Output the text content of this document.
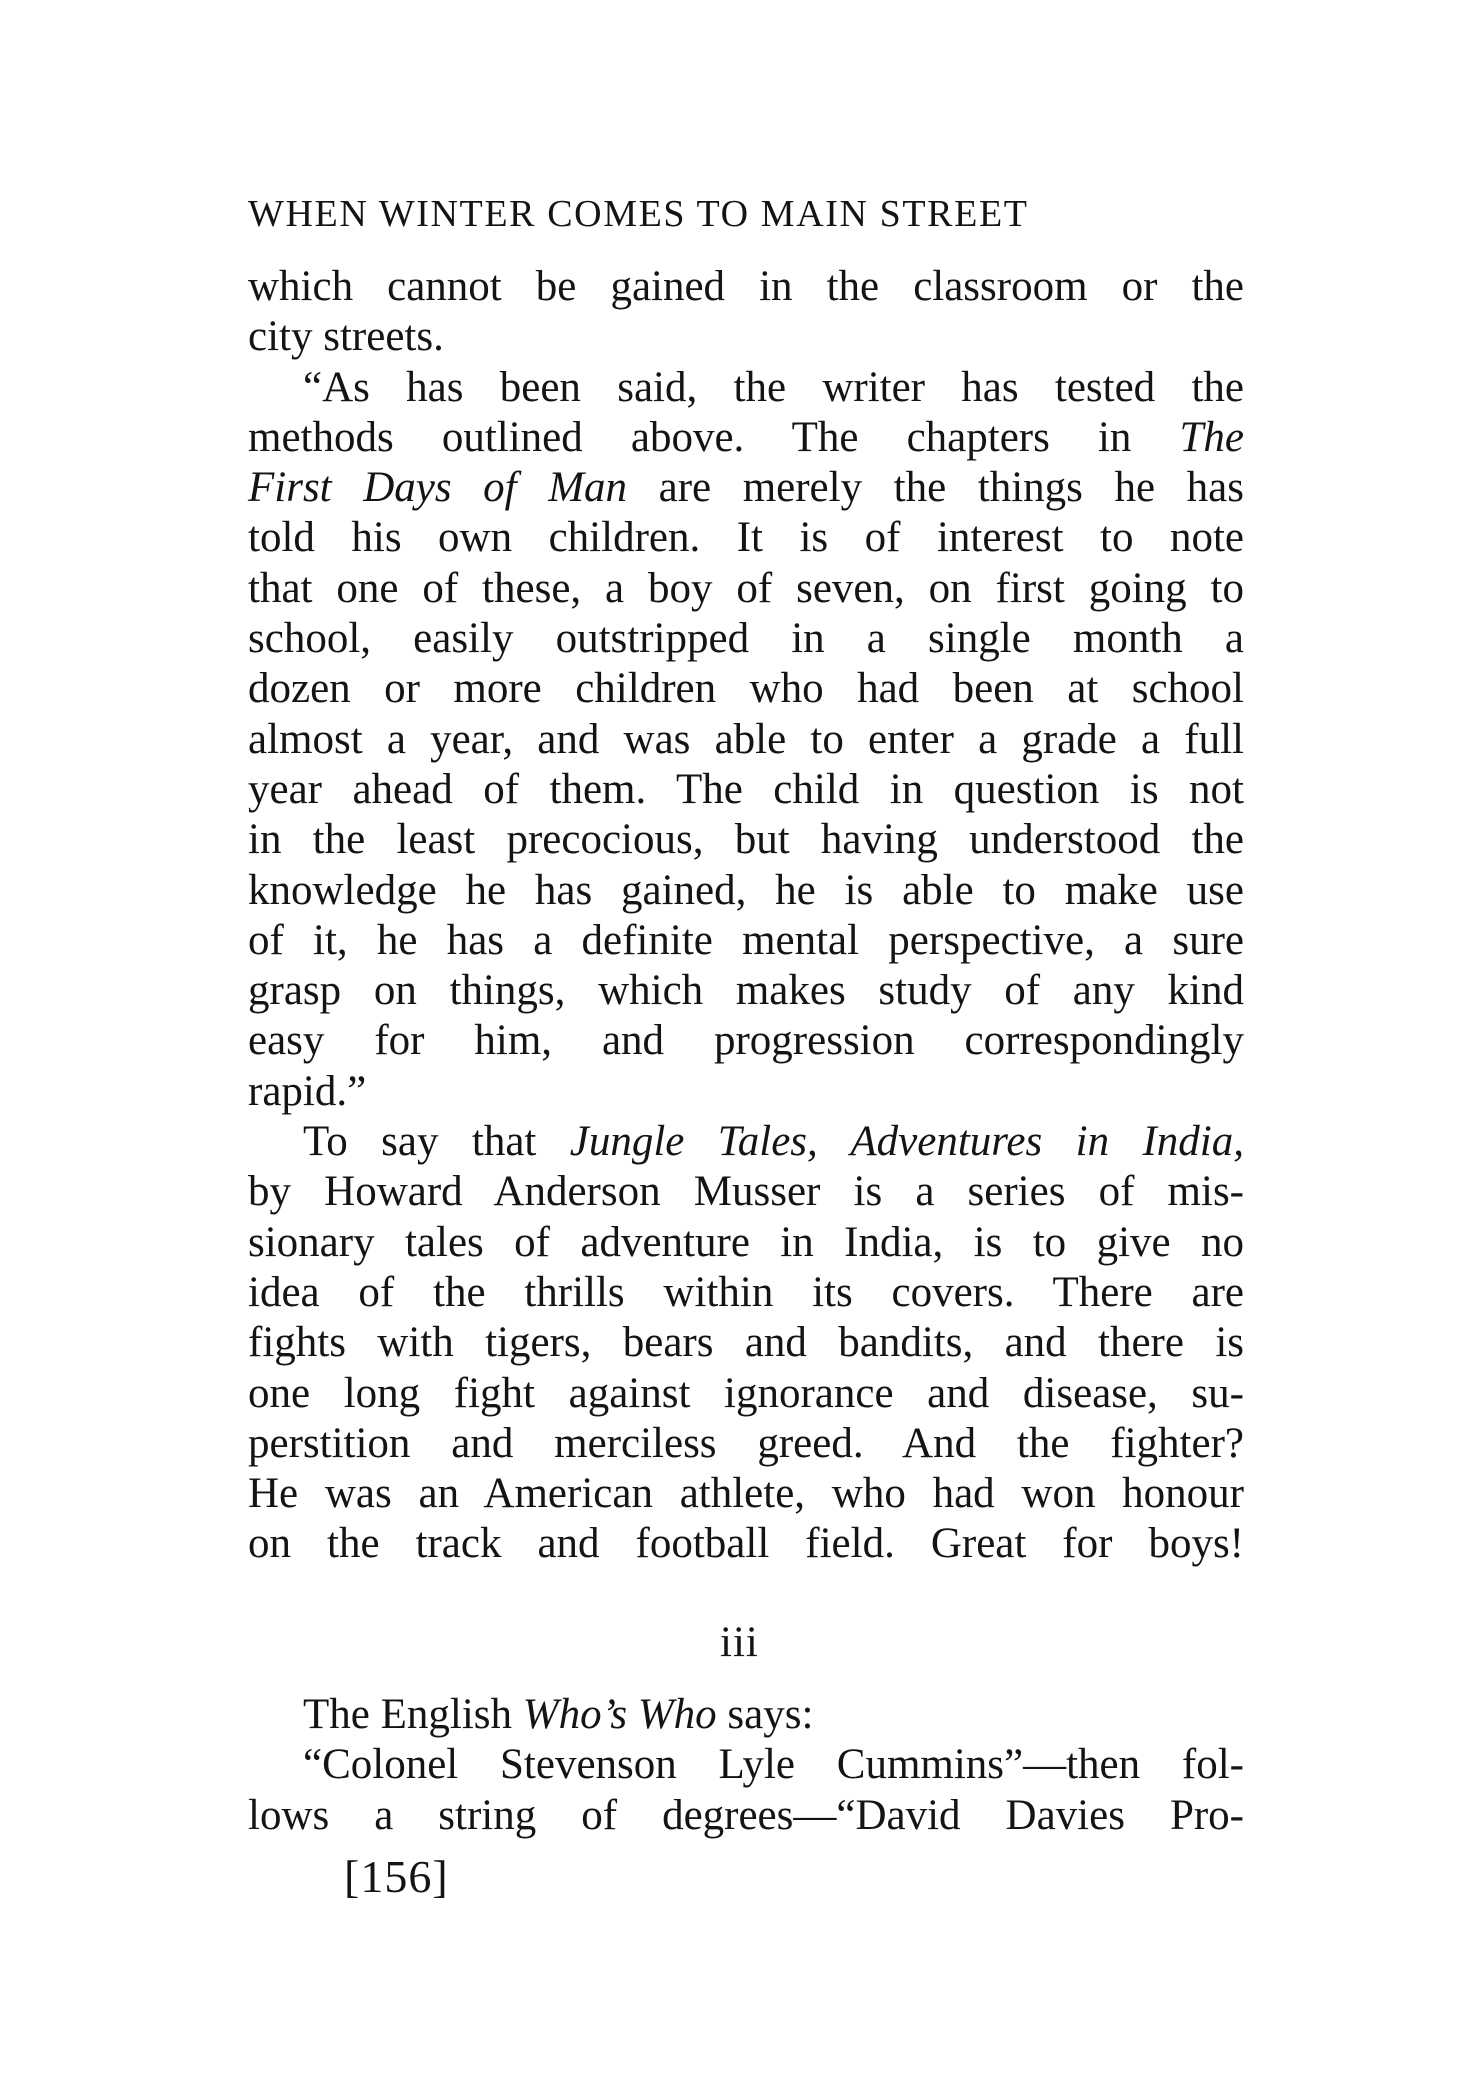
WHEN WINTER COMES TO MAIN STREET
which cannot be gained in the classroom or the
city streets.
“As has been said, the writer has tested the
methods outlined above. The chapters in The
First Days of Man are merely the things he has
told his own children. It is of interest to note
that one of these, a boy of seven, on first going to
school, easily outstripped in a single month a
dozen or more children who had been at school
almost a year, and was able to enter a grade a full
year ahead of them. The child in question is not
in the least precocious, but having understood the
knowledge he has gained, he is able to make use
of it, he has a definite mental perspective, a sure
grasp on things, which makes study of any kind
easy for him, and progression correspondingly
rapid.”
To say that Jungle Tales, Adventures in India,
by Howard Anderson Musser is a series of mis-
sionary tales of adventure in India, is to give no
idea of the thrills within its covers. There are
fights with tigers, bears and bandits, and there is
one long fight against ignorance and disease, su-
perstition and merciless greed. And the fighter?
He was an American athlete, who had won honour
on the track and football field. Great for boys!
iii
The English Who’s Who says:
“Colonel Stevenson Lyle Cummins”—then fol-
lows a string of degrees—“David Davies Pro-
[156]
